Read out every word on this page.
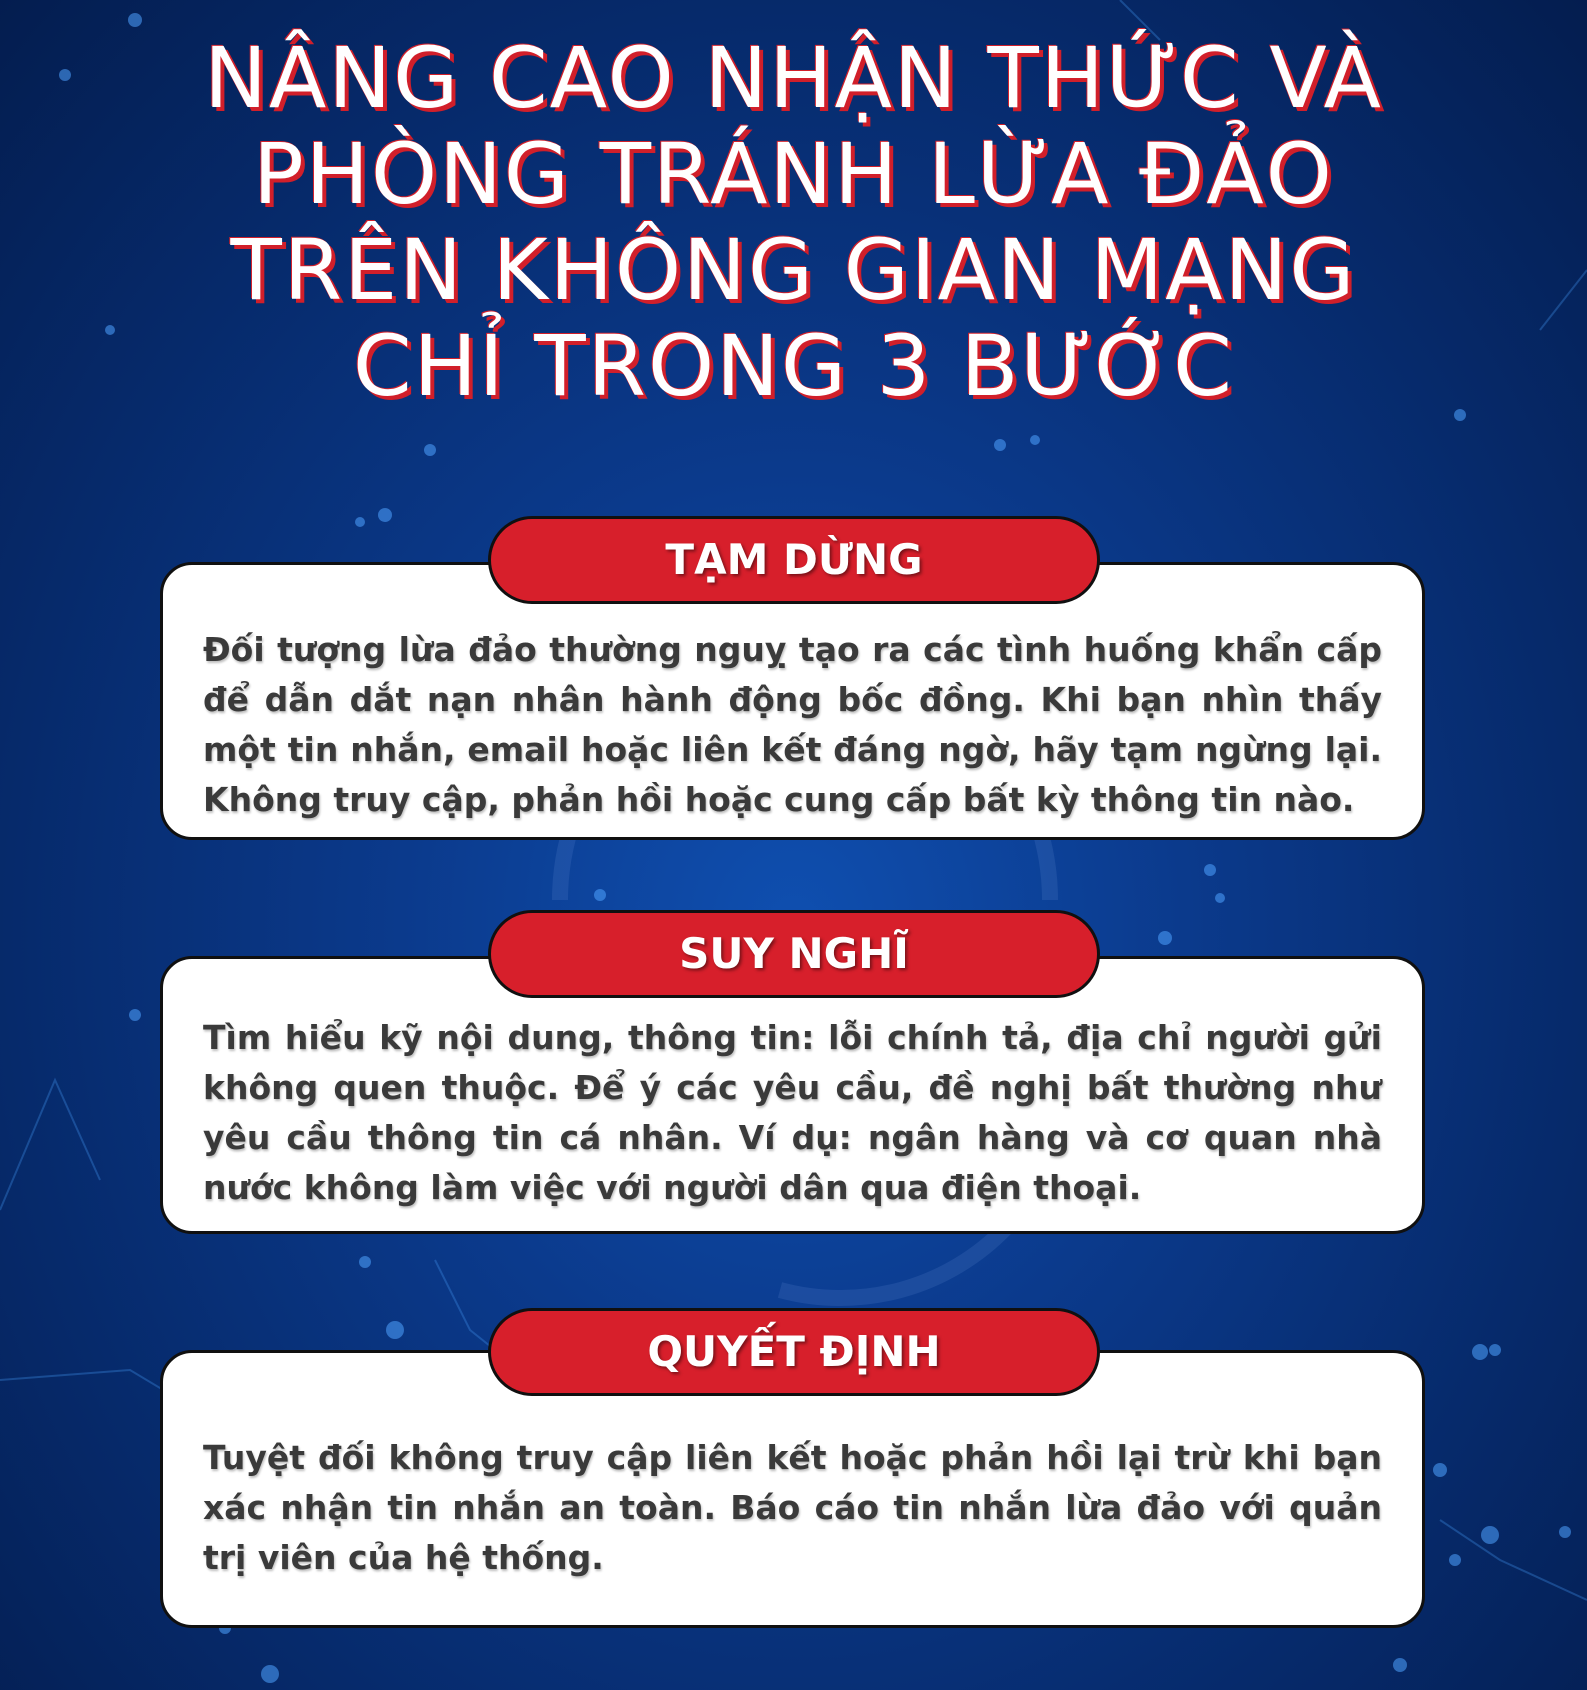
NÂNG CAO NHẬN THỨC VÀ
PHÒNG TRÁNH LỪA ĐẢO
TRÊN KHÔNG GIAN MẠNG
CHỈ TRONG 3 BƯỚC
Đối tượng lừa đảo thường nguỵ tạo ra các tình huống khẩn cấp để dẫn dắt nạn nhân hành động bốc đồng. Khi bạn nhìn thấy một tin nhắn, email hoặc liên kết đáng ngờ, hãy tạm ngừng lại. Không truy cập, phản hồi hoặc cung cấp bất kỳ thông tin nào.
TẠM DỪNG
Tìm hiểu kỹ nội dung, thông tin: lỗi chính tả, địa chỉ người gửi không quen thuộc. Để ý các yêu cầu, đề nghị bất thường như yêu cầu thông tin cá nhân. Ví dụ: ngân hàng và cơ quan nhà nước không làm việc với người dân qua điện thoại.
SUY NGHĨ
Tuyệt đối không truy cập liên kết hoặc phản hồi lại trừ khi bạn xác nhận tin nhắn an toàn. Báo cáo tin nhắn lừa đảo với quản trị viên của hệ thống.
QUYẾT ĐỊNH
